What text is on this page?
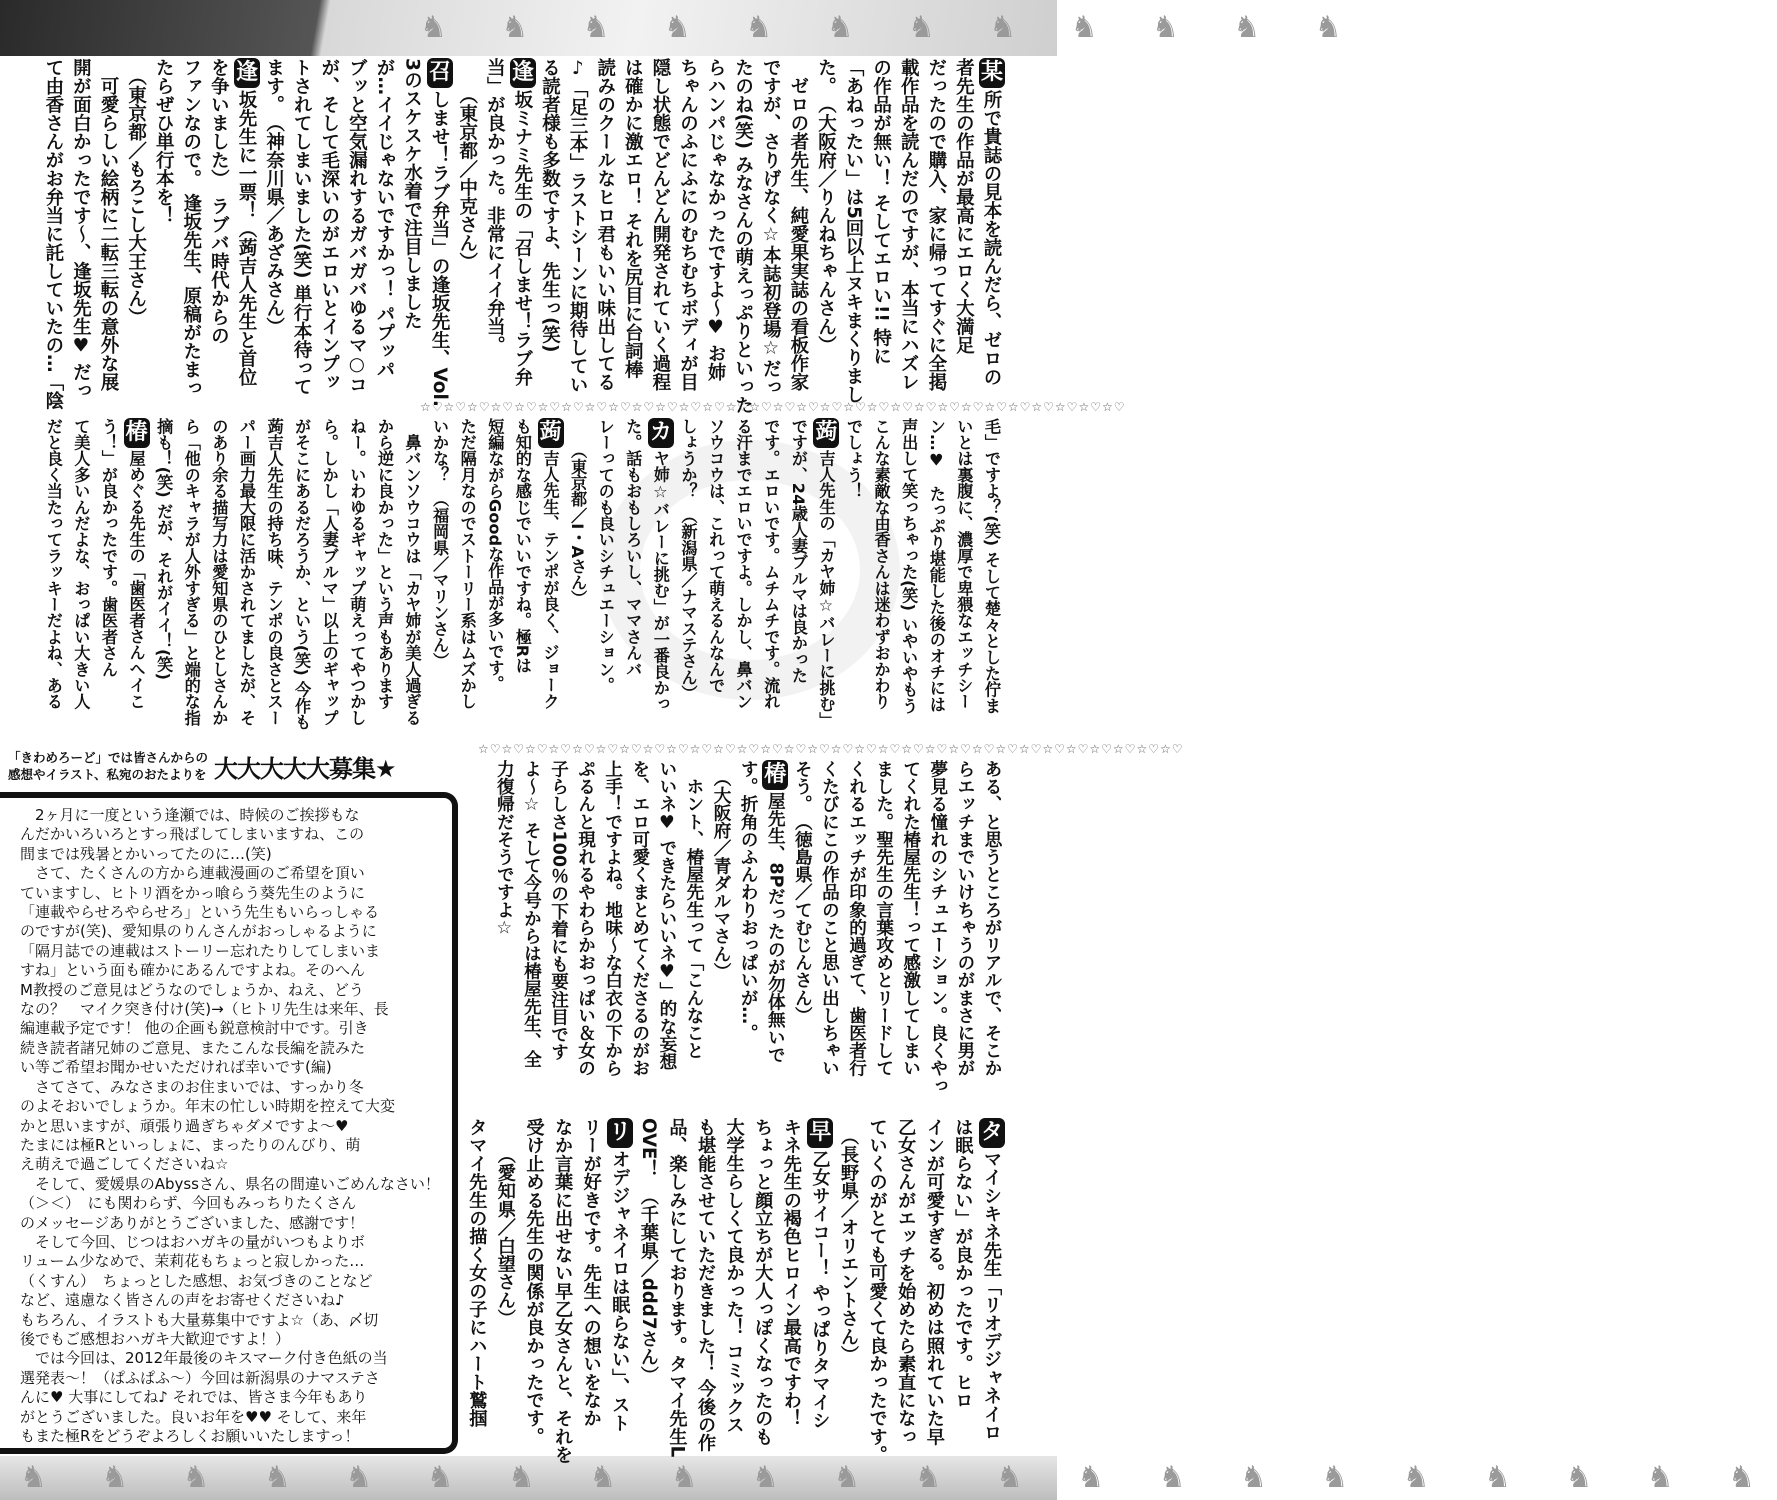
♞ ♞ ♞ ♞ ♞ ♞ ♞ ♞ ♞ ♞ ♞ ♞
某所で貴誌の見本を読んだら、ゼロの
者先生の作品が最高にエロく大満足
だったので購入、家に帰ってすぐに全掲
載作品を読んだのですが、本当にハズレ
の作品が無い！ そしてエロい!! 特に
「あねったい」は5回以上ヌキまくりまし
た。　（大阪府／りんねちゃんさん）
　ゼロの者先生、純愛果実誌の看板作家
ですが、さりげなく☆本誌初登場☆だっ
たのね(笑) みなさんの萌えっぷりといった
らハンパじゃなかったですよ～♥ お姉
ちゃんのふにふにのむちむちボディが目
隠し状態でどんどん開発されていく過程
は確かに激エロ！ それを尻目に台詞棒
読みのクールなヒロ君もいい味出してる
♪「足三本」ラストシーンに期待してい
る読者様も多数ですよ、先生っ(笑)
逢坂ミナミ先生の「召しませ！ラブ弁
当」が良かった。非常にイイ弁当。
　　（東京都／中克さん）
召しませ！ラブ弁当」の逢坂先生、Vol.
3のスケスケ水着で注目しました
が…イイじゃないですかっ！ パプッパ
ブッと空気漏れするガバガバゆるマ○コ
が、そして毛深いのがエロいとインプッ
トされてしまいました(笑) 単行本待って
ます。　（神奈川県／あざみさん）
逢坂先生に一票！（蒟吉人先生と首位
を争いました）　ラブバ時代からの
ファンなので。 逢坂先生、原稿がたまっ
たらぜひ単行本を！
　（東京都／もろこし大王さん）
　可愛らしい絵柄に二転三転の意外な展
開が面白かったです～、逢坂先生♥ だっ
て由香さんがお弁当に託していたの…「陰	☆♡☆♡☆♡☆♡☆♡☆♡☆♡☆♡☆♡☆♡☆♡☆♡☆♡☆♡☆♡☆♡☆♡☆♡☆♡☆♡☆♡☆♡☆♡☆♡☆♡☆♡☆♡☆♡☆♡☆♡
毛」ですよ？(笑) そして楚々とした佇ま
いとは裏腹に、濃厚で卑猥なエッチシー
ン…♥　たっぷり堪能した後のオチには
声出して笑っちゃった(笑) いやいやもう
こんな素敵な由香さんは迷わずおかわり
でしょう！
蒟吉人先生の「カヤ姉☆バレーに挑む」
ですが、24歳人妻ブルマは良かった
です。エロいです。ムチムチです。流れ
る汗までエロいですよ。しかし、鼻バン
ソウコウは、これって萌えるんなんで
しょうか？　（新潟県／ナマステさん）
カヤ姉☆バレーに挑む」が一番良かっ
た。話もおもしろいし、ママさんバ
レーってのも良いシチュエーション。
　　（東京都／I・Aさん）
蒟吉人先生、テンポが良く、ジョーク
も知的な感じでいいですね。極Rは
短編ながらGoodな作品が多いです。
ただ隔月なのでストーリー系はムズかし
いかな？　（福岡県／マリンさん）
　鼻バンソウコウは「カヤ姉が美人過ぎる
から逆に良かった」という声もあります
ねー。いわゆるギャップ萌えってやつかし
ら。しかし「人妻ブルマ」以上のギャップ
がそこにあるだろうか、という(笑) 今作も
蒟吉人先生の持ち味、テンポの良さとスー
パー画力最大限に活かされてましたが、そ
のあり余る描写力は愛知県のひとしさんか
ら「他のキャラが人外すぎる」と端的な指
摘も！(笑) だが、それがイイ！(笑)
椿屋めぐる先生の「歯医者さんへイこ
う！」が良かったです。歯医者さん
て美人多いんだよな、おっぱい大きい人
だと良く当たってラッキーだよね、ある
☆♡☆♡☆♡☆♡☆♡☆♡☆♡☆♡☆♡☆♡☆♡☆♡☆♡☆♡☆♡☆♡☆♡☆♡☆♡☆♡☆♡☆♡☆♡☆♡☆♡☆♡☆♡☆♡☆♡☆♡
ある、と思うところがリアルで、そこか
らエッチまでいけちゃうのがまさに男が
夢見る憧れのシチュエーション。良くやっ
てくれた椿屋先生！って感激してしまい
ました。聖先生の言葉攻めとリードして
くれるエッチが印象的過ぎて、歯医者行
くたびにこの作品のこと思い出しちゃい
そう。　（徳島県／てむじんさん）
椿屋先生、8Pだったのが勿体無いで
す。折角のふんわりおっぱいが…。
　（大阪府／青ダルマさん）
　ホント、椿屋先生って「こんなこと
いいネ♥ できたらいいネ♥」的な妄想
を、エロ可愛くまとめてくださるのがお
上手！ですよね。地味～な白衣の下から
ぷるんと現れるやわらかおっぱい＆女の
子らしさ100％の下着にも要注目です
よ～☆ そして今号からは椿屋先生、全
力復帰だそうですよ☆
タマイシキネ先生「リオデジャネイロ
は眠らない」が良かったです。ヒロ
インが可愛すぎる。初めは照れていた早
乙女さんがエッチを始めたら素直になっ
ていくのがとても可愛くて良かったです。
　（長野県／オリエントさん）
早乙女サイコー！ やっぱりタマイシ
キネ先生の褐色ヒロイン最高ですわ！
ちょっと顔立ちが大人っぽくなったのも
大学生らしくて良かった！ コミックス
も堪能させていただきました！ 今後の作
品、楽しみにしております。タマイ先生L
OVE！　（千葉県／ddd7さん）
リオデジャネイロは眠らない」、スト
リーが好きです。先生への想いをなか
なか言葉に出せない早乙女さんと、それを
受け止める先生の関係が良かったです。
　　（愛知県／白望さん）
タマイ先生の描く女の子にハート鷲掴
「きわめろーど」では皆さんからの
感想やイラスト、私宛のおたよりを 大大大大大募集★
　2ヶ月に一度という逢瀬では、時候のご挨拶もな
んだかいろいろとすっ飛ばしてしまいますね、この
間までは残暑とかいってたのに…(笑)
　さて、たくさんの方から連載漫画のご希望を頂い
ていますし、ヒトリ酒をかっ喰らう葵先生のように
「連載やらせろやらせろ」という先生もいらっしゃる
のですが(笑)、愛知県のりんさんがおっしゃるように
「隔月誌での連載はストーリー忘れたりしてしまいま
すね」という面も確かにあるんですよね。そのへん
M教授のご意見はどうなのでしょうか、ねえ、どう
なの？　マイク突き付け(笑)→（ヒトリ先生は来年、長
編連載予定です！ 他の企画も鋭意検討中です。引き
続き読者諸兄姉のご意見、またこんな長編を読みた
い等ご希望お聞かせいただければ幸いです(編)
　さてさて、みなさまのお住まいでは、すっかり冬
のよそおいでしょうか。年末の忙しい時期を控えて大変
かと思いますが、頑張り過ぎちゃダメですよ～♥
たまには極Rといっしょに、まったりのんびり、萌
え萌えで過ごしてくださいね☆
　そして、愛媛県のAbyssさん、県名の間違いごめんなさい！
（＞＜）　にも関わらず、今回もみっちりたくさん
のメッセージありがとうございました、感謝です！
　そして今回、じつはおハガキの量がいつもよりボ
リューム少なめで、茉莉花もちょっと寂しかった…
（くすん）　ちょっとした感想、お気づきのことなど
など、遠慮なく皆さんの声をお寄せくださいね♪
もちろん、イラストも大量募集中ですよ☆（あ、〆切
後でもご感想おハガキ大歓迎ですよ！）
　では今回は、2012年最後のキスマーク付き色紙の当
選発表～！（ぱふぱふ～）今回は新潟県のナマステさ
んに♥ 大事にしてね♪ それでは、皆さま今年もあり
がとうございました。良いお年を♥♥ そして、来年
もまた極Rをどうぞよろしくお願いいたしますっ！
♞ ♞ ♞ ♞ ♞ ♞ ♞ ♞ ♞ ♞ ♞ ♞ ♞ ♞ ♞ ♞ ♞ ♞ ♞ ♞ ♞ ♞
